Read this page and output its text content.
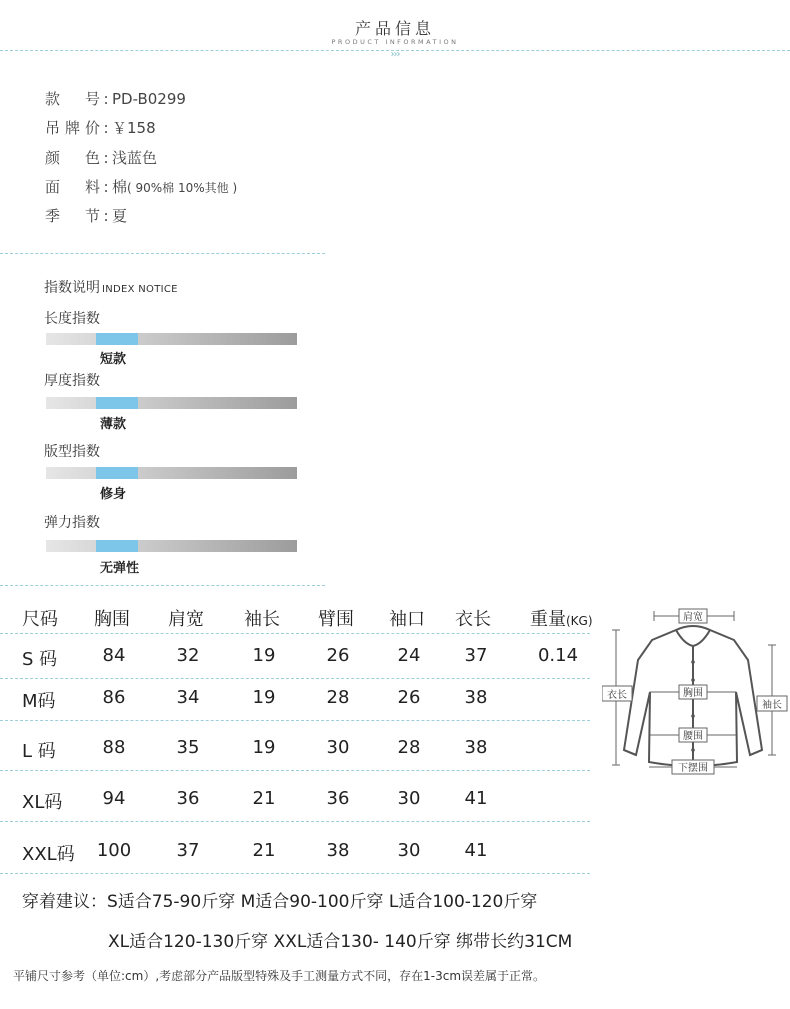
产品信息
PRODUCT INFORMATION
›››
款号 : PD-B0299
吊牌价 : ￥158
颜色 : 浅蓝色
面料 : 棉( 90%棉 10%其他 )
季节 : 夏
指数说明 INDEX NOTICE
长度指数
短款
厚度指数
薄款
版型指数
修身
弹力指数
无弹性
尺码 胸围 肩宽 袖长 臂围 袖口 衣长 重量(KG)
S 码	84	32	19	26	24	37	0.14
M码	86	34	19	28	26	38
L 码	88	35	19	30	28	38
XL码	94	36	21	36	30	41
XXL码	100	37	21	38	30	41
肩宽
衣长
袖长
胸围
腰围
下摆围
穿着建议：S适合75-90斤穿 M适合90-100斤穿 L适合100-120斤穿
XL适合120-130斤穿 XXL适合130- 140斤穿 绑带长约31CM
平铺尺寸参考（单位:cm）,考虑部分产品版型特殊及手工测量方式不同，存在1-3cm误差属于正常。
